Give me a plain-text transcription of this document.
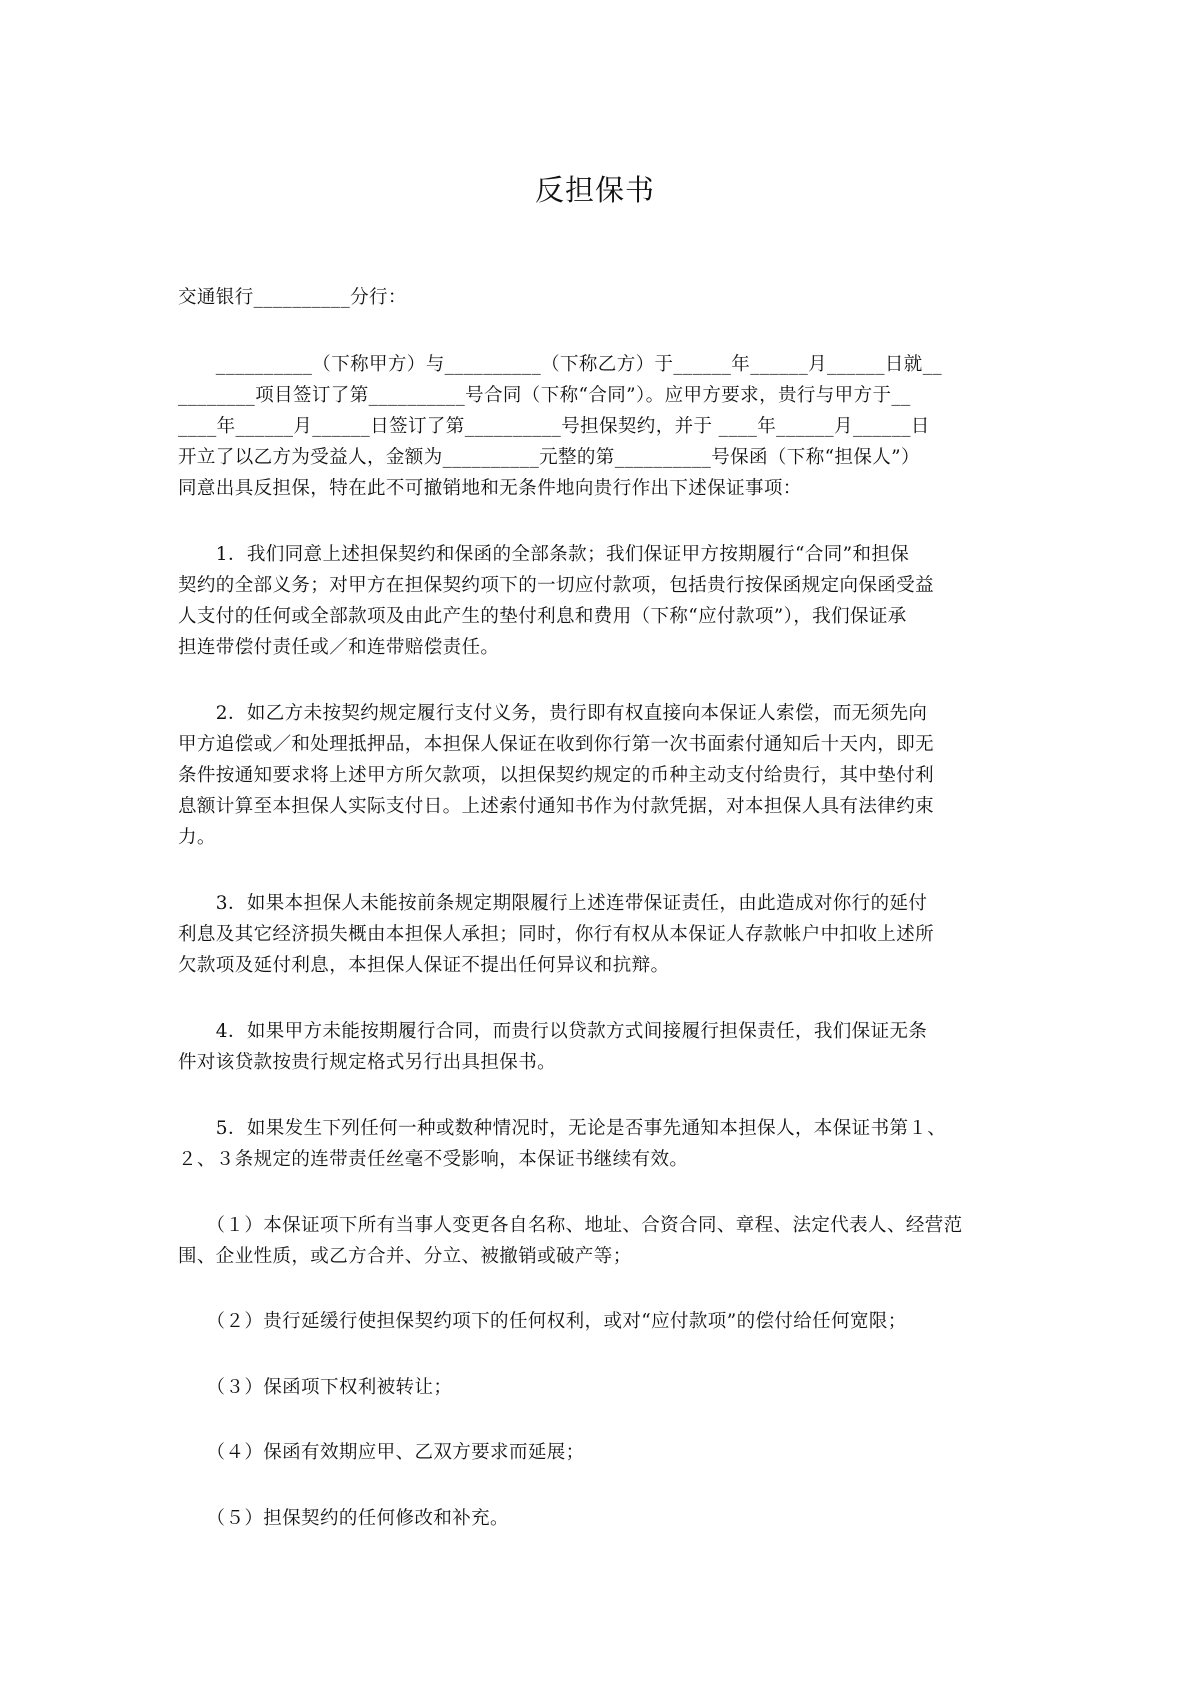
反担保书
交通银行__________分行：
　　__________（下称甲方）与__________（下称乙方）于______年______月______日就__
________项目签订了第__________号合同（下称“合同”）。应甲方要求，贵行与甲方于__
____年______月______日签订了第__________号担保契约，并于 ____年______月______日
开立了以乙方为受益人，金额为__________元整的第__________号保函（下称“担保人”）
同意出具反担保，特在此不可撤销地和无条件地向贵行作出下述保证事项：
　　1．我们同意上述担保契约和保函的全部条款；我们保证甲方按期履行“合同”和担保
契约的全部义务；对甲方在担保契约项下的一切应付款项，包括贵行按保函规定向保函受益
人支付的任何或全部款项及由此产生的垫付利息和费用（下称“应付款项”），我们保证承
担连带偿付责任或／和连带赔偿责任。
　　2．如乙方未按契约规定履行支付义务，贵行即有权直接向本保证人索偿，而无须先向
甲方追偿或／和处理抵押品，本担保人保证在收到你行第一次书面索付通知后十天内，即无
条件按通知要求将上述甲方所欠款项，以担保契约规定的币种主动支付给贵行，其中垫付利
息额计算至本担保人实际支付日。上述索付通知书作为付款凭据，对本担保人具有法律约束
力。
　　3．如果本担保人未能按前条规定期限履行上述连带保证责任，由此造成对你行的延付
利息及其它经济损失概由本担保人承担；同时，你行有权从本保证人存款帐户中扣收上述所
欠款项及延付利息，本担保人保证不提出任何异议和抗辩。
　　4．如果甲方未能按期履行合同，而贵行以贷款方式间接履行担保责任，我们保证无条
件对该贷款按贵行规定格式另行出具担保书。
　　5．如果发生下列任何一种或数种情况时，无论是否事先通知本担保人，本保证书第１、
２、３条规定的连带责任丝毫不受影响，本保证书继续有效。
　　（１）本保证项下所有当事人变更各自名称、地址、合资合同、章程、法定代表人、经营范
围、企业性质，或乙方合并、分立、被撤销或破产等；
　　（２）贵行延缓行使担保契约项下的任何权利，或对“应付款项”的偿付给任何宽限；
　　（３）保函项下权利被转让；
　　（４）保函有效期应甲、乙双方要求而延展；
　　（５）担保契约的任何修改和补充。
